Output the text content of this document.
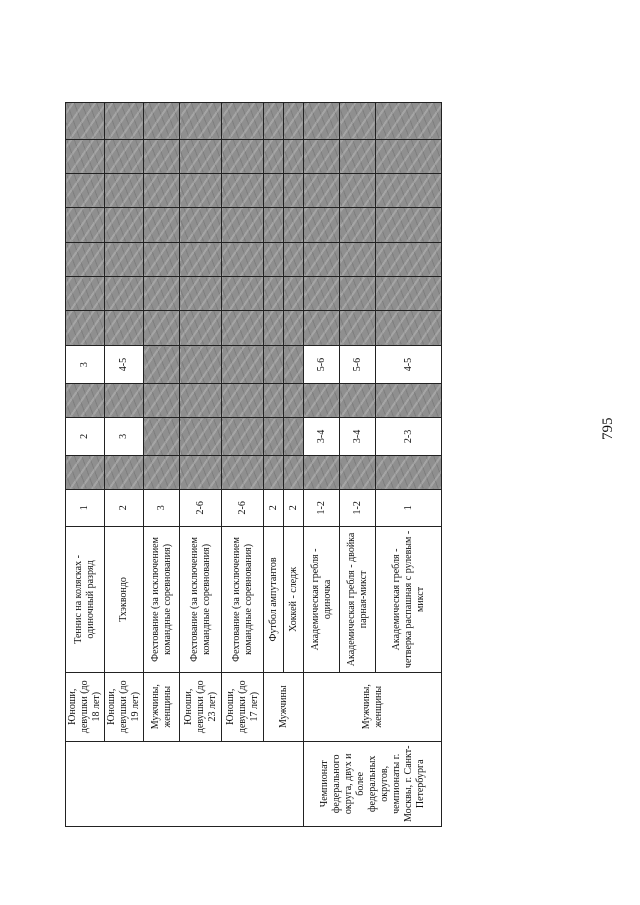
795
	Юноши, девушки (до 18 лет)	Теннис на колясках - одиночный разряд	1		2		3							
	Юноши, девушки (до 19 лет)	Тхэквондо	2		3		4-5							
	Мужчины, женщины	Фехтование (за исключением командные соревнования)	3											
	Юноши, девушки (до 23 лет)	Фехтование (за исключением командные соревнования)	2-6											
	Юноши, девушки (до 17 лет)	Фехтование (за исключением командные соревнования)	2-6											
	Мужчины	Футбол ампутантов	2											
		Хоккей - следж	2											
Чемпионат федерального округа, двух и более федеральных округов, чемпионаты г. Москвы, г. Санкт-Петербурга	Мужчины, женщины	Академическая гребля - одиночка	1-2		3-4		5-6							
		Академическая гребля - двойка парная-микст	1-2		3-4		5-6							
		Академическая гребля - четверка распашная с рулевым - микст	1		2-3		4-5							
